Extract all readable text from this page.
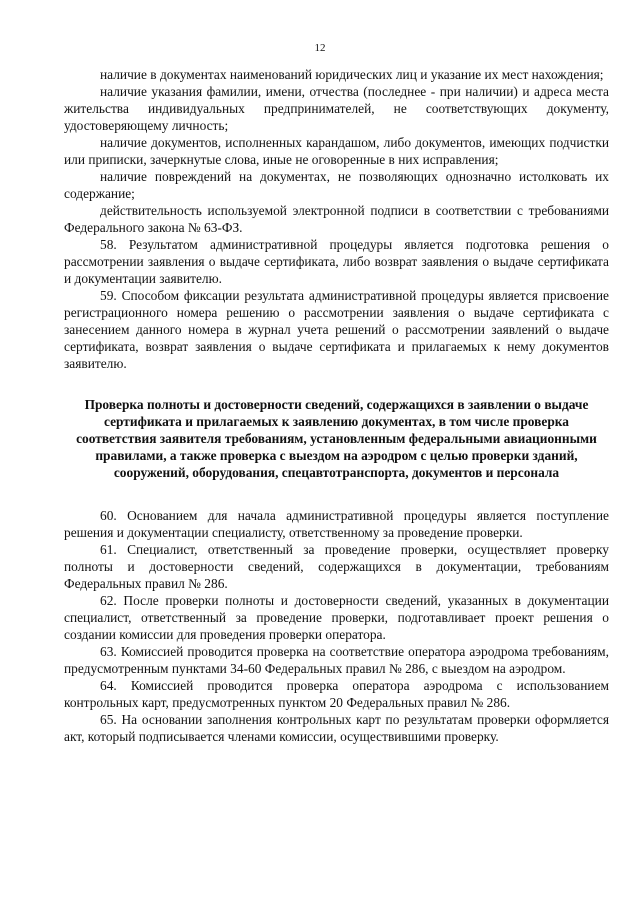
12

наличие в документах наименований юридических лиц и указание их мест нахождения;

наличие указания фамилии, имени, отчества (последнее - при наличии) и адреса места жительства индивидуальных предпринимателей, не соответствующих документу, удостоверяющему личность;

наличие документов, исполненных карандашом, либо документов, имеющих подчистки или приписки, зачеркнутые слова, иные не оговоренные в них исправления;

наличие повреждений на документах, не позволяющих однозначно истолковать их содержание;

действительность используемой электронной подписи в соответствии с требованиями Федерального закона № 63-ФЗ.

58. Результатом административной процедуры является подготовка решения о рассмотрении заявления о выдаче сертификата, либо возврат заявления о выдаче сертификата и документации заявителю.

59. Способом фиксации результата административной процедуры является присвоение регистрационного номера решению о рассмотрении заявления о выдаче сертификата с занесением данного номера в журнал учета решений о рассмотрении заявлений о выдаче сертификата, возврат заявления о выдаче сертификата и прилагаемых к нему документов заявителю.

Проверка полноты и достоверности сведений, содержащихся в заявлении о выдаче сертификата и прилагаемых к заявлению документах, в том числе проверка соответствия заявителя требованиям, установленным федеральными авиационными правилами, а также проверка с выездом на аэродром с целью проверки зданий, сооружений, оборудования, спецавтотранспорта, документов и персонала

60. Основанием для начала административной процедуры является поступление решения и документации специалисту, ответственному за проведение проверки.

61. Специалист, ответственный за проведение проверки, осуществляет проверку полноты и достоверности сведений, содержащихся в документации, требованиям Федеральных правил № 286.

62. После проверки полноты и достоверности сведений, указанных в документации специалист, ответственный за проведение проверки, подготавливает проект решения о создании комиссии для проведения проверки оператора.

63. Комиссией проводится проверка на соответствие оператора аэродрома требованиям, предусмотренным пунктами 34-60 Федеральных правил № 286, с выездом на аэродром.

64. Комиссией проводится проверка оператора аэродрома с использованием контрольных карт, предусмотренных пунктом 20 Федеральных правил № 286.

65. На основании заполнения контрольных карт по результатам проверки оформляется акт, который подписывается членами комиссии, осуществившими проверку.
